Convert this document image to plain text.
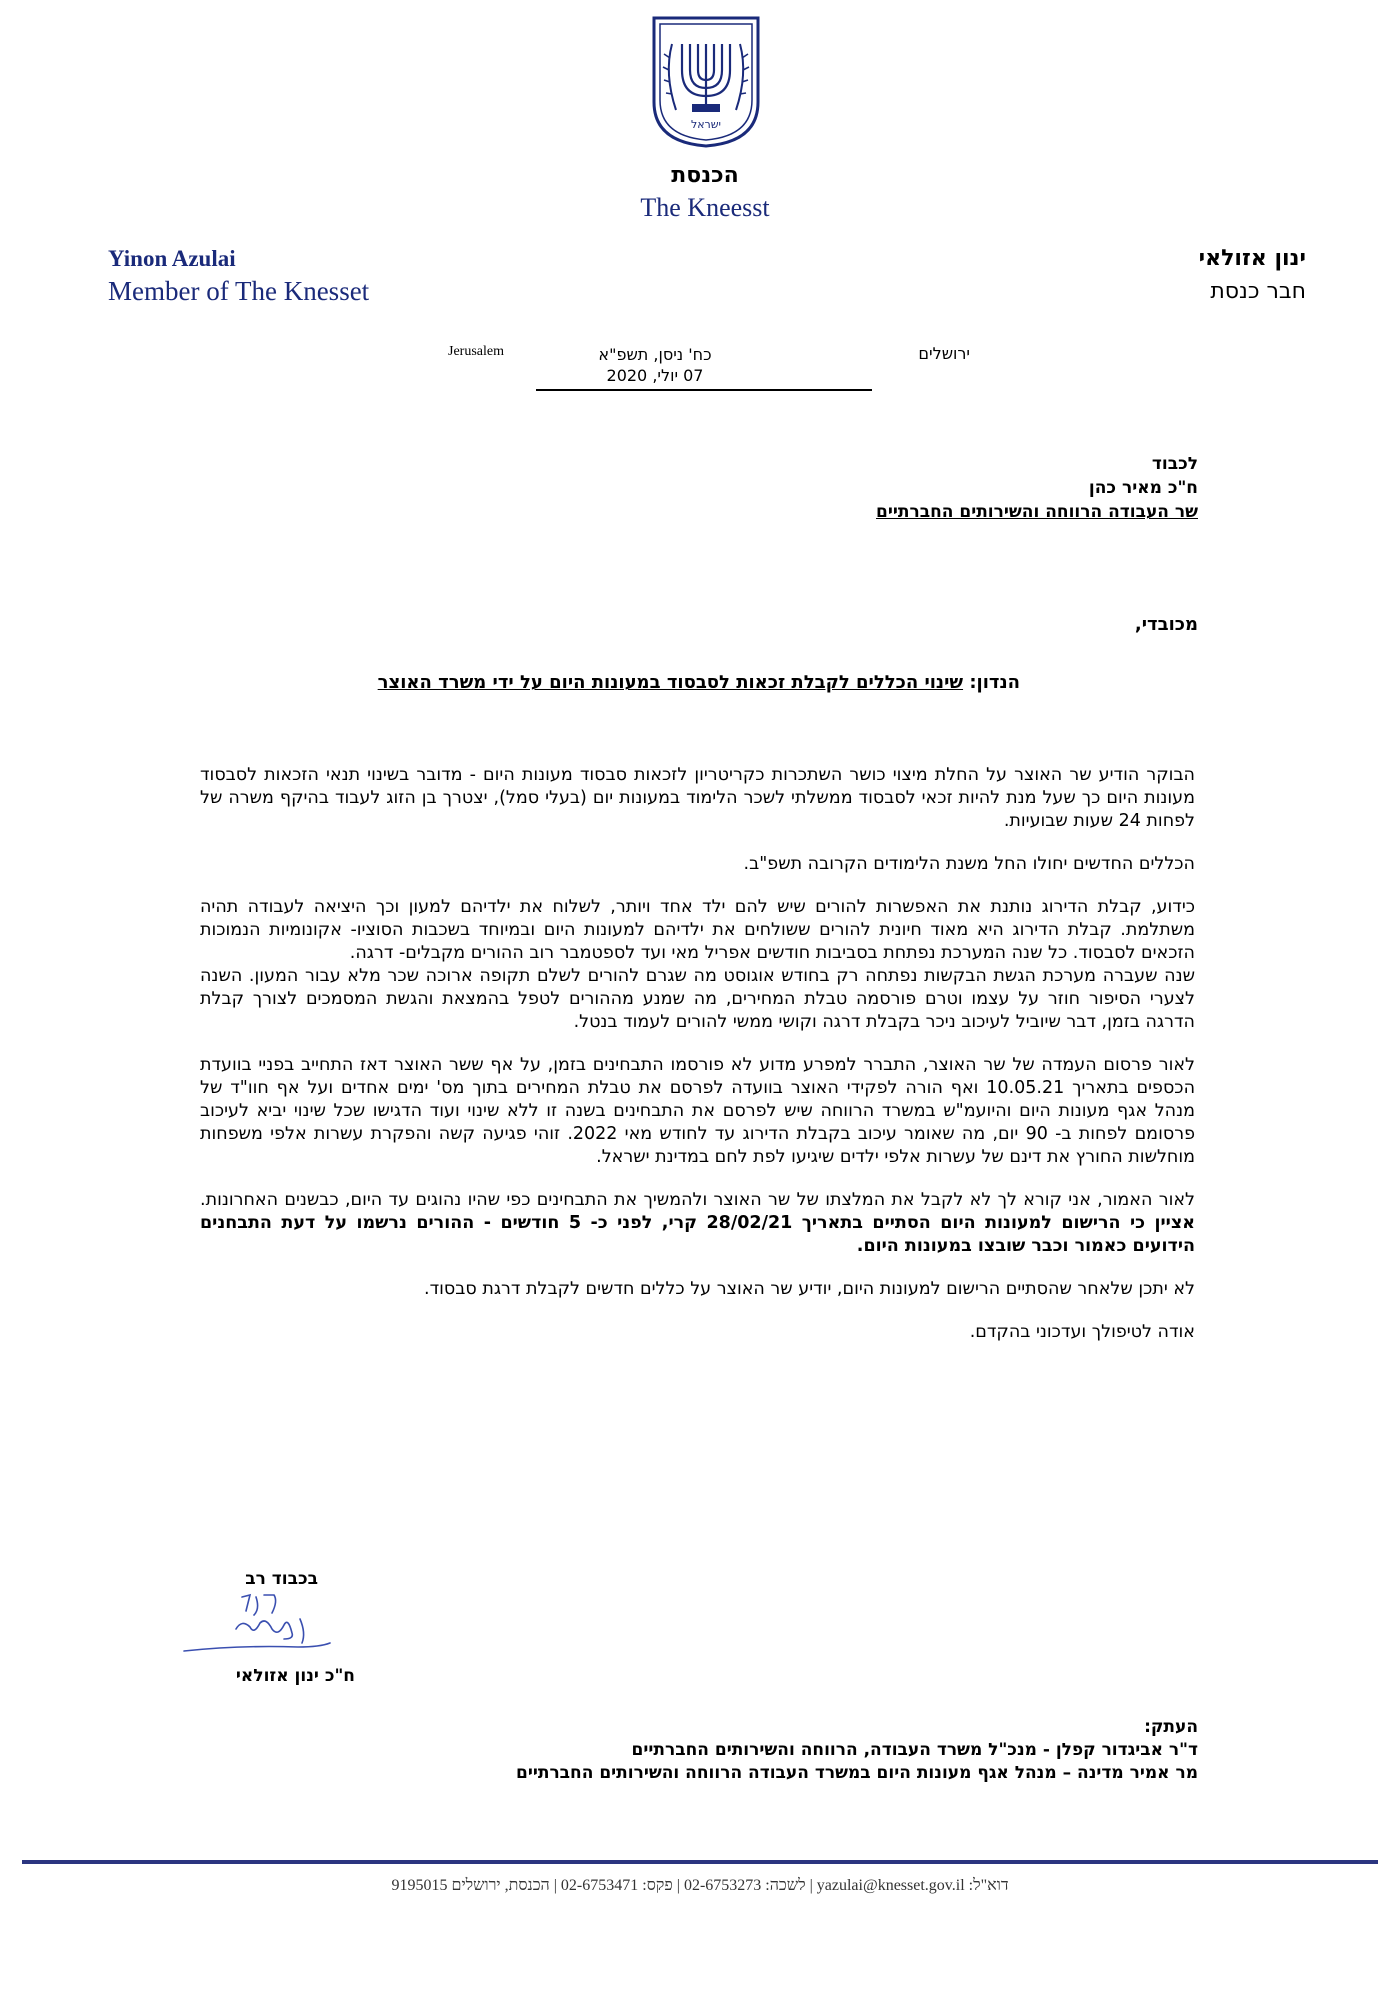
ישראל
הכנסת
The Kneesst
Yinon Azulai
Member of The Knesset
ינון אזולאי
חבר כנסת
ירושלים
כח' ניסן, תשפ"א
07 יולי, 2020
Jerusalem
לכבוד
ח"כ מאיר כהן
שר העבודה הרווחה והשירותים החברתיים
מכובדי,
הנדון: שינוי הכללים לקבלת זכאות לסבסוד במעונות היום על ידי משרד האוצר

הבוקר הודיע שר האוצר על החלת מיצוי כושר השתכרות כקריטריון לזכאות סבסוד מעונות היום - מדובר בשינוי תנאי הזכאות לסבסוד מעונות היום כך שעל מנת להיות זכאי לסבסוד ממשלתי לשכר הלימוד במעונות יום (בעלי סמל), יצטרך בן הזוג לעבוד בהיקף משרה של לפחות 24 שעות שבועיות.

הכללים החדשים יחולו החל משנת הלימודים הקרובה תשפ"ב.

כידוע, קבלת הדירוג נותנת את האפשרות להורים שיש להם ילד אחד ויותר, לשלוח את ילדיהם למעון וכך היציאה לעבודה תהיה משתלמת. קבלת הדירוג היא מאוד חיונית להורים ששולחים את ילדיהם למעונות היום ובמיוחד בשכבות הסוציו- אקונומיות הנמוכות הזכאים לסבסוד. כל שנה המערכת נפתחת בסביבות חודשים אפריל מאי ועד לספטמבר רוב ההורים מקבלים- דרגה.

שנה שעברה מערכת הגשת הבקשות נפתחה רק בחודש אוגוסט מה שגרם להורים לשלם תקופה ארוכה שכר מלא עבור המעון. השנה לצערי הסיפור חוזר על עצמו וטרם פורסמה טבלת המחירים, מה שמנע מההורים לטפל בהמצאת והגשת המסמכים לצורך קבלת הדרגה בזמן, דבר שיוביל לעיכוב ניכר בקבלת דרגה וקושי ממשי להורים לעמוד בנטל.

לאור פרסום העמדה של שר האוצר, התברר למפרע מדוע לא פורסמו התבחינים בזמן, על אף ששר האוצר דאז התחייב בפניי בוועדת הכספים בתאריך 10.05.21 ואף הורה לפקידי האוצר בוועדה לפרסם את טבלת המחירים בתוך מס' ימים אחדים ועל אף חוו"ד של מנהל אגף מעונות היום והיועמ"ש במשרד הרווחה שיש לפרסם את התבחינים בשנה זו ללא שינוי ועוד הדגישו שכל שינוי יביא לעיכוב פרסומם לפחות ב- 90 יום, מה שאומר עיכוב בקבלת הדירוג עד לחודש מאי 2022. זוהי פגיעה קשה והפקרת עשרות אלפי משפחות מוחלשות החורץ את דינם של עשרות אלפי ילדים שיגיעו לפת לחם במדינת ישראל.

לאור האמור, אני קורא לך לא לקבל את המלצתו של שר האוצר ולהמשיך את התבחינים כפי שהיו נהוגים עד היום, כבשנים האחרונות. אציין כי הרישום למעונות היום הסתיים בתאריך 28/02/21 קרי, לפני כ- 5 חודשים - ההורים נרשמו על דעת התבחנים הידועים כאמור וכבר שובצו במעונות היום.

לא יתכן שלאחר שהסתיים הרישום למעונות היום, יודיע שר האוצר על כללים חדשים לקבלת דרגת סבסוד.

אודה לטיפולך ועדכוני בהקדם.

בכבוד רב
ח"כ ינון אזולאי
העתק:
ד"ר אביגדור קפלן - מנכ"ל משרד העבודה, הרווחה והשירותים החברתיים
מר אמיר מדינה – מנהל אגף מעונות היום במשרד העבודה הרווחה והשירותים החברתיים
דוא"ל: yazulai@knesset.gov.il | לשכה: 02-6753273 | פקס: 02-6753471 | הכנסת, ירושלים 9195015
